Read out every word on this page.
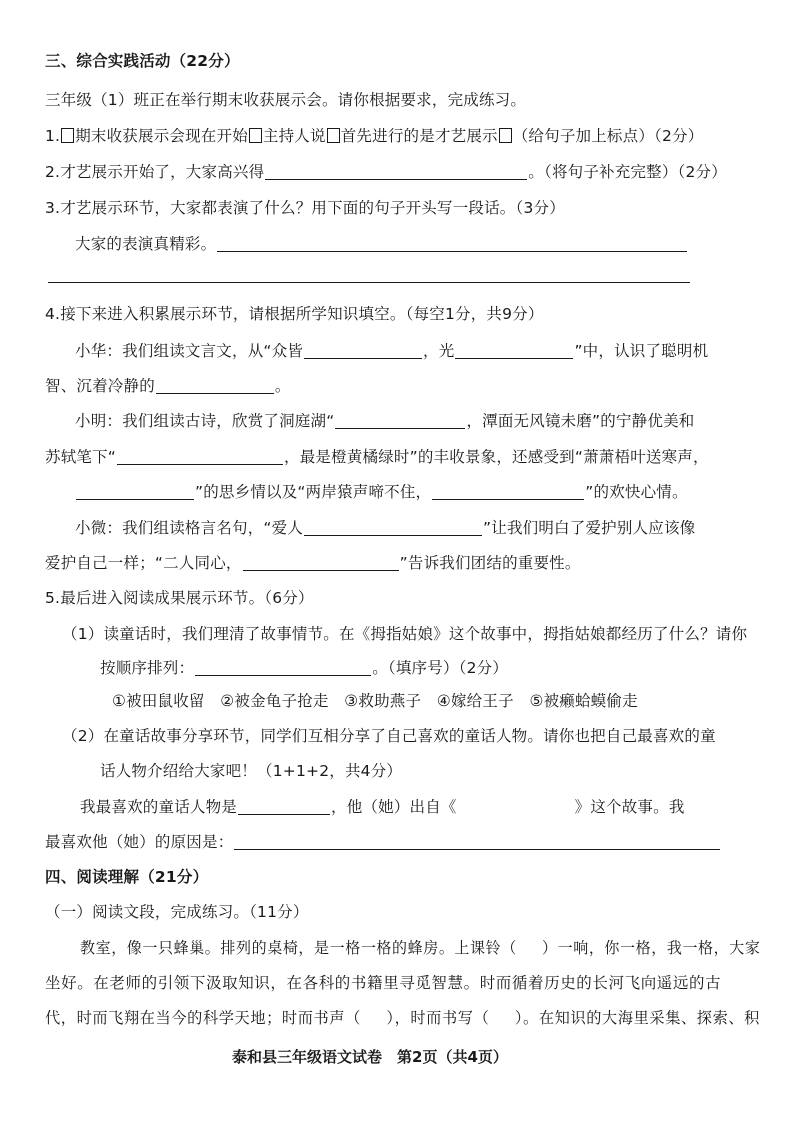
三、综合实践活动（22分）
三年级（1）班正在举行期末收获展示会。请你根据要求，完成练习。
1. 期末收获展示会现在开始 主持人说 首先进行的是才艺展示 （给句子加上标点）（2分）
2.才艺展示开始了，大家高兴得	。（将句子补充完整）（2分）
3.才艺展示环节，大家都表演了什么？用下面的句子开头写一段话。（3分）
大家的表演真精彩。
4.接下来进入积累展示环节，请根据所学知识填空。（每空1分，共9分）
小华：我们组读文言文，从“众皆	，光	”中，认识了聪明机
智、沉着冷静的	。
小明：我们组读古诗，欣赏了洞庭湖“	，潭面无风镜未磨”的宁静优美和
苏轼笔下“	，最是橙黄橘绿时”的丰收景象，还感受到“萧萧梧叶送寒声，
”的思乡情以及“两岸猿声啼不住，	”的欢快心情。
小微：我们组读格言名句，“爱人	”让我们明白了爱护别人应该像
爱护自己一样；“二人同心，	”告诉我们团结的重要性。
5.最后进入阅读成果展示环节。（6分）
（1）读童话时，我们理清了故事情节。在《拇指姑娘》这个故事中，拇指姑娘都经历了什么？请你
按顺序排列：	。（填序号）（2分）
①被田鼠收留　②被金龟子抢走　③救助燕子　④嫁给王子　⑤被癞蛤蟆偷走
（2）在童话故事分享环节，同学们互相分享了自己喜欢的童话人物。请你也把自己最喜欢的童
话人物介绍给大家吧！（1+1+2，共4分）
我最喜欢的童话人物是	，他（她）出自《	》这个故事。我
最喜欢他（她）的原因是：
四、阅读理解（21分）
（一）阅读文段，完成练习。（11分）
教室，像一只蜂巢。排列的桌椅，是一格一格的蜂房。上课铃（ ）一响，你一格，我一格，大家
坐好。在老师的引领下汲取知识，在各科的书籍里寻觅智慧。时而循着历史的长河飞向遥远的古
代，时而飞翔在当今的科学天地；时而书声（ ），时而书写（ ）。在知识的大海里采集、探索、积
泰和县三年级语文试卷　第2页（共4页）
